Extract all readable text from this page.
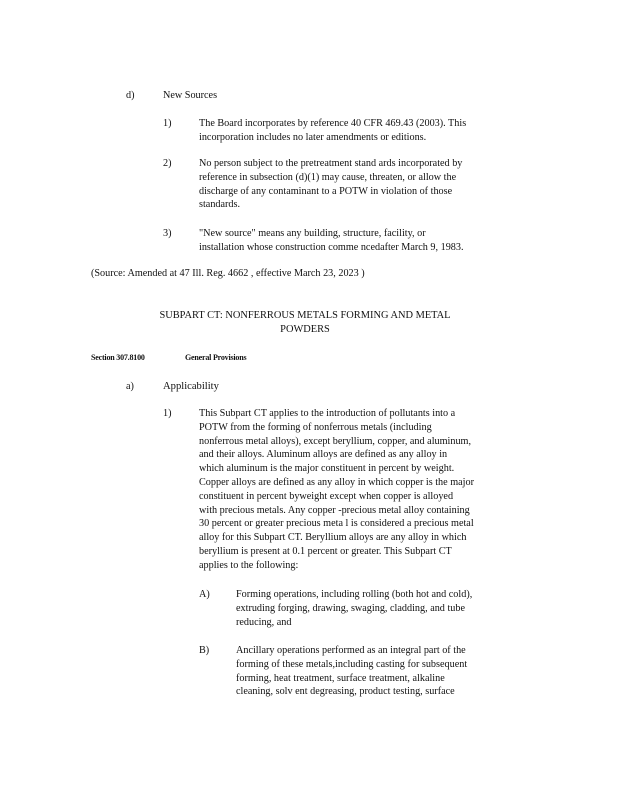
d)	New Sources
1)	The Board incorporates by reference 40 CFR 469.43 (2003). This
incorporation includes no later amendments or editions.
2)	No person subject to the pretreatment stand ards incorporated by
reference in subsection (d)(1) may cause, threaten, or allow the
discharge of any contaminant to a POTW in violation of those
standards.
3)	"New source" means any building, structure, facility, or
installation whose construction comme ncedafter March 9, 1983.
(Source: Amended at 47 Ill. Reg. 4662 , effective March 23, 2023 )
SUBPART CT: NONFERROUS METALS FORMING AND METAL
POWDERS
Section 307.8100	General Provisions
a)	Applicability
1)	This Subpart CT applies to the introduction of pollutants into a
POTW from the forming of nonferrous metals (including
nonferrous metal alloys), except beryllium, copper, and aluminum,
and their alloys. Aluminum alloys are defined as any alloy in
which aluminum is the major constituent in percent by weight.
Copper alloys are defined as any alloy in which copper is the major
constituent in percent byweight except when copper is alloyed
with precious metals. Any copper -precious metal alloy containing
30 percent or greater precious meta l is considered a precious metal
alloy for this Subpart CT. Beryllium alloys are any alloy in which
beryllium is present at 0.1 percent or greater. This Subpart CT
applies to the following:
A)	Forming operations, including rolling (both hot and cold),
extruding forging, drawing, swaging, cladding, and tube
reducing, and
B)	Ancillary operations performed as an integral part of the
forming of these metals,including casting for subsequent
forming, heat treatment, surface treatment, alkaline
cleaning, solv ent degreasing, product testing, surface
